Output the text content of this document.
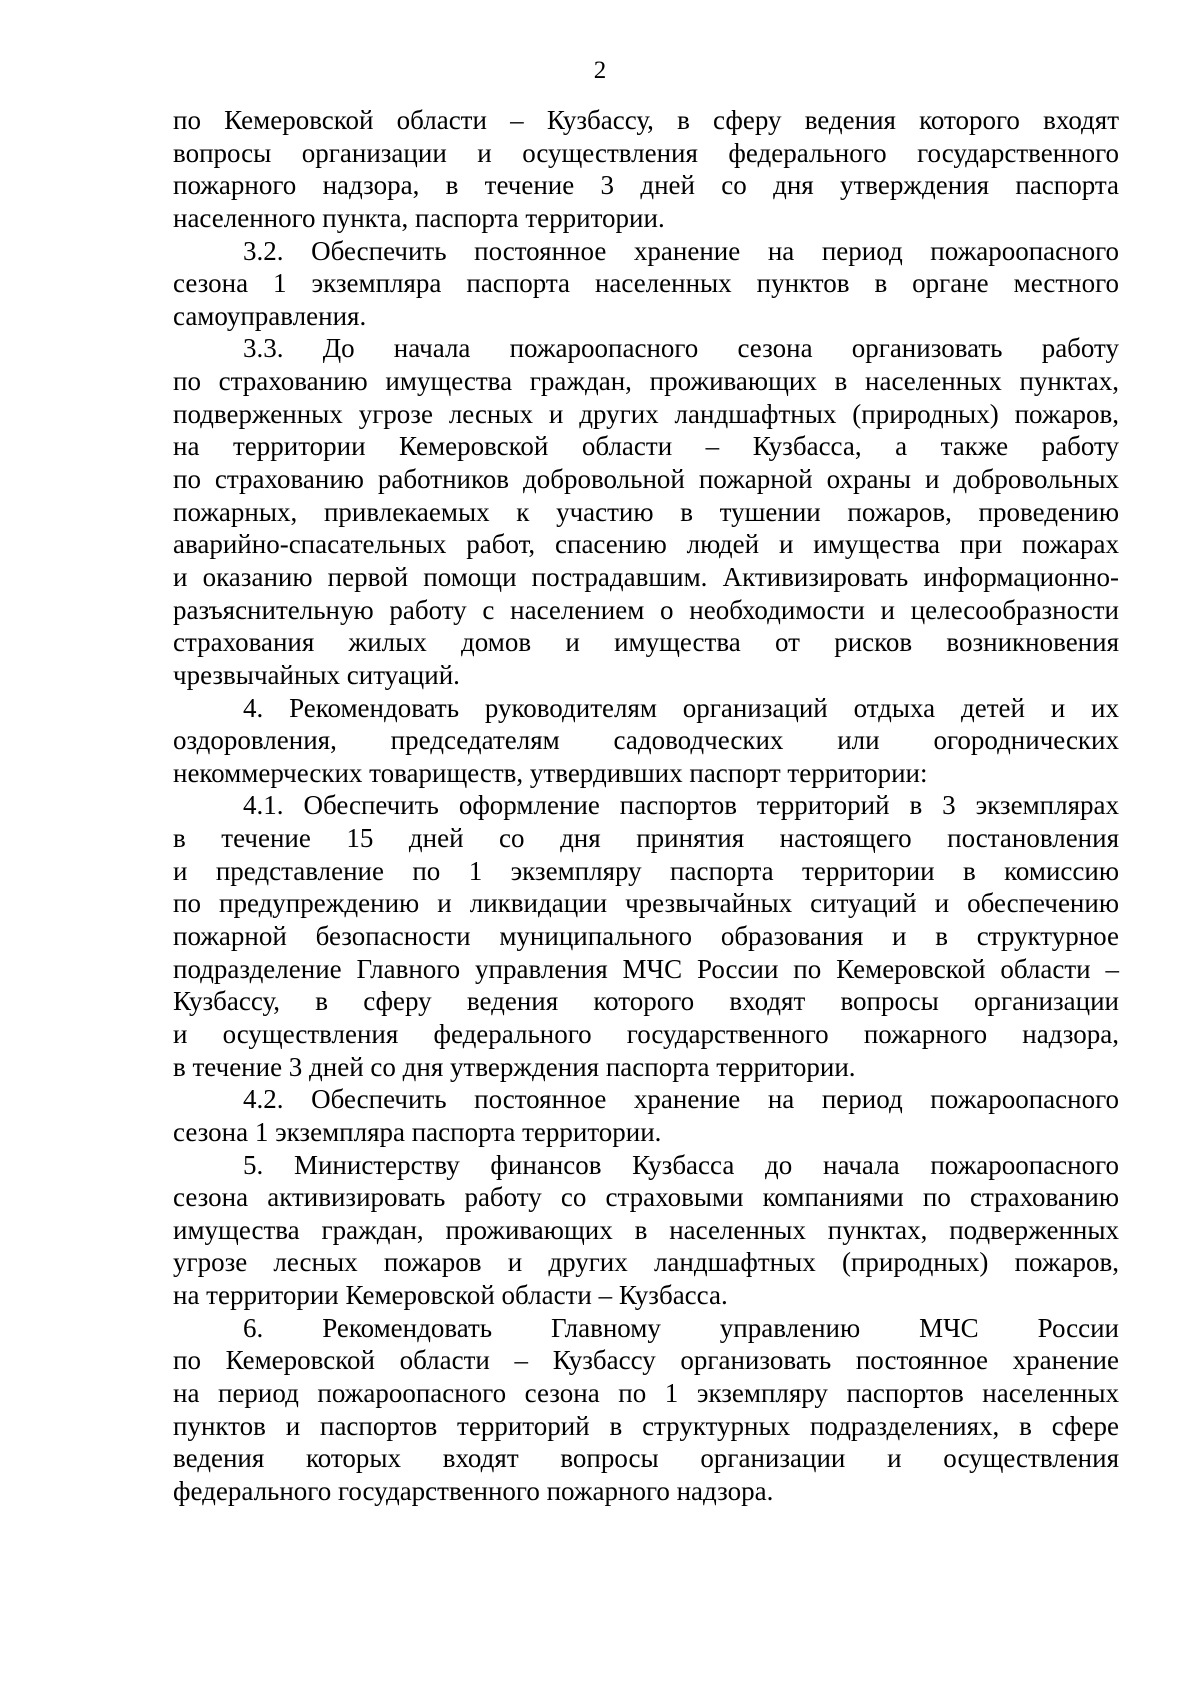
2
по Кемеровской области – Кузбассу, в сферу ведения которого входят
вопросы организации и осуществления федерального государственного
пожарного надзора, в течение 3 дней со дня утверждения паспорта
населенного пункта, паспорта территории.
3.2. Обеспечить постоянное хранение на период пожароопасного
сезона 1 экземпляра паспорта населенных пунктов в органе местного
самоуправления.
3.3. До начала пожароопасного сезона организовать работу
по страхованию имущества граждан, проживающих в населенных пунктах,
подверженных угрозе лесных и других ландшафтных (природных) пожаров,
на территории Кемеровской области – Кузбасса, а также работу
по страхованию работников добровольной пожарной охраны и добровольных
пожарных, привлекаемых к участию в тушении пожаров, проведению
аварийно-спасательных работ, спасению людей и имущества при пожарах
и оказанию первой помощи пострадавшим. Активизировать информационно-
разъяснительную работу с населением о необходимости и целесообразности
страхования жилых домов и имущества от рисков возникновения
чрезвычайных ситуаций.
4. Рекомендовать руководителям организаций отдыха детей и их
оздоровления, председателям садоводческих или огороднических
некоммерческих товариществ, утвердивших паспорт территории:
4.1. Обеспечить оформление паспортов территорий в 3 экземплярах
в течение 15 дней со дня принятия настоящего постановления
и представление по 1 экземпляру паспорта территории в комиссию
по предупреждению и ликвидации чрезвычайных ситуаций и обеспечению
пожарной безопасности муниципального образования и в структурное
подразделение Главного управления МЧС России по Кемеровской области –
Кузбассу, в сферу ведения которого входят вопросы организации
и осуществления федерального государственного пожарного надзора,
в течение 3 дней со дня утверждения паспорта территории.
4.2. Обеспечить постоянное хранение на период пожароопасного
сезона 1 экземпляра паспорта территории.
5. Министерству финансов Кузбасса до начала пожароопасного
сезона активизировать работу со страховыми компаниями по страхованию
имущества граждан, проживающих в населенных пунктах, подверженных
угрозе лесных пожаров и других ландшафтных (природных) пожаров,
на территории Кемеровской области – Кузбасса.
6. Рекомендовать Главному управлению МЧС России
по Кемеровской области – Кузбассу организовать постоянное хранение
на период пожароопасного сезона по 1 экземпляру паспортов населенных
пунктов и паспортов территорий в структурных подразделениях, в сфере
ведения которых входят вопросы организации и осуществления
федерального государственного пожарного надзора.
